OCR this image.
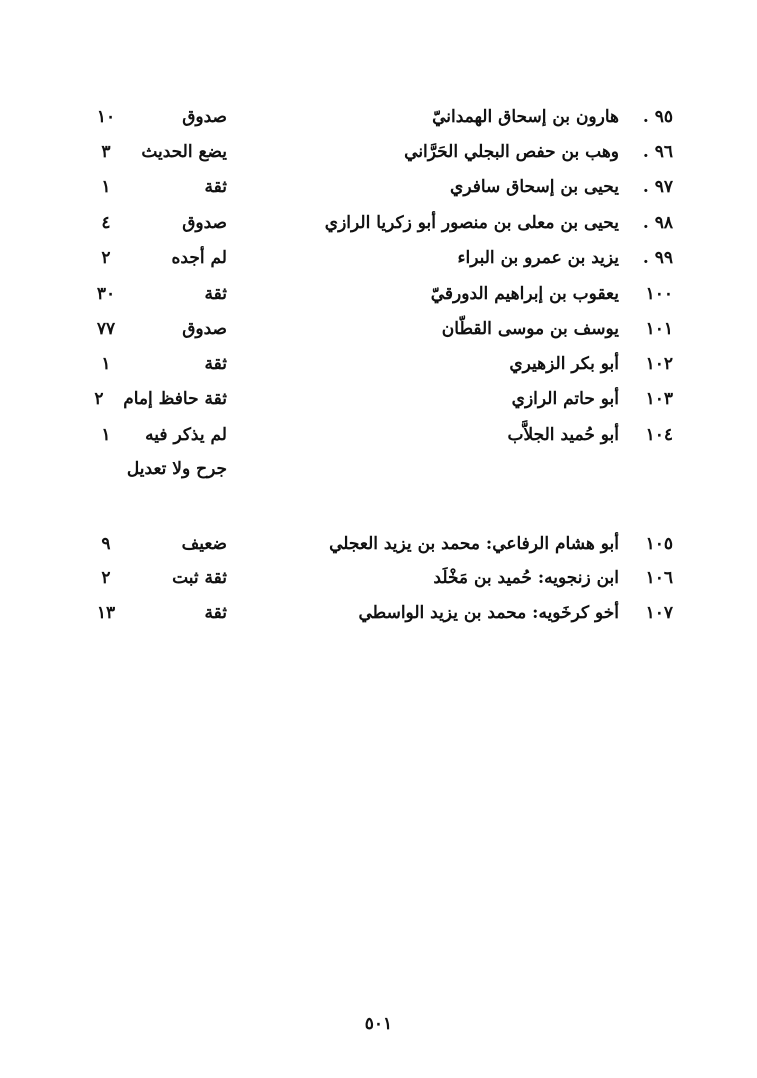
٩٥ .
هارون بن إسحاق الهمدانيّ
صدوق
١٠
٩٦ .
وهب بن حفص البجلي الحَرَّاني
يضع الحديث
٣
٩٧ .
يحيى بن إسحاق سافري
ثقة
١
٩٨ .
يحيى بن معلى بن منصور أبو زكريا الرازي
صدوق
٤
٩٩ .
يزيد بن عمرو بن البراء
لم أجده
٢
١٠٠
يعقوب بن إبراهيم الدورقيّ
ثقة
٣٠
١٠١
يوسف بن موسى القطّان
صدوق
٧٧
١٠٢
أبو بكر الزهيري
ثقة
١
١٠٣
أبو حاتم الرازي
ثقة حافظ إمام
٢
١٠٤
أبو حُميد الجلاَّب
لم يذكر فيه
١
جرح ولا تعديل
١٠٥
أبو هشام الرفاعي: محمد بن يزيد العجلي
ضعيف
٩
١٠٦
ابن زنجويه: حُميد بن مَخْلَد
ثقة ثبت
٢
١٠٧
أخو كرخَويه: محمد بن يزيد الواسطي
ثقة
١٣
٥٠١
